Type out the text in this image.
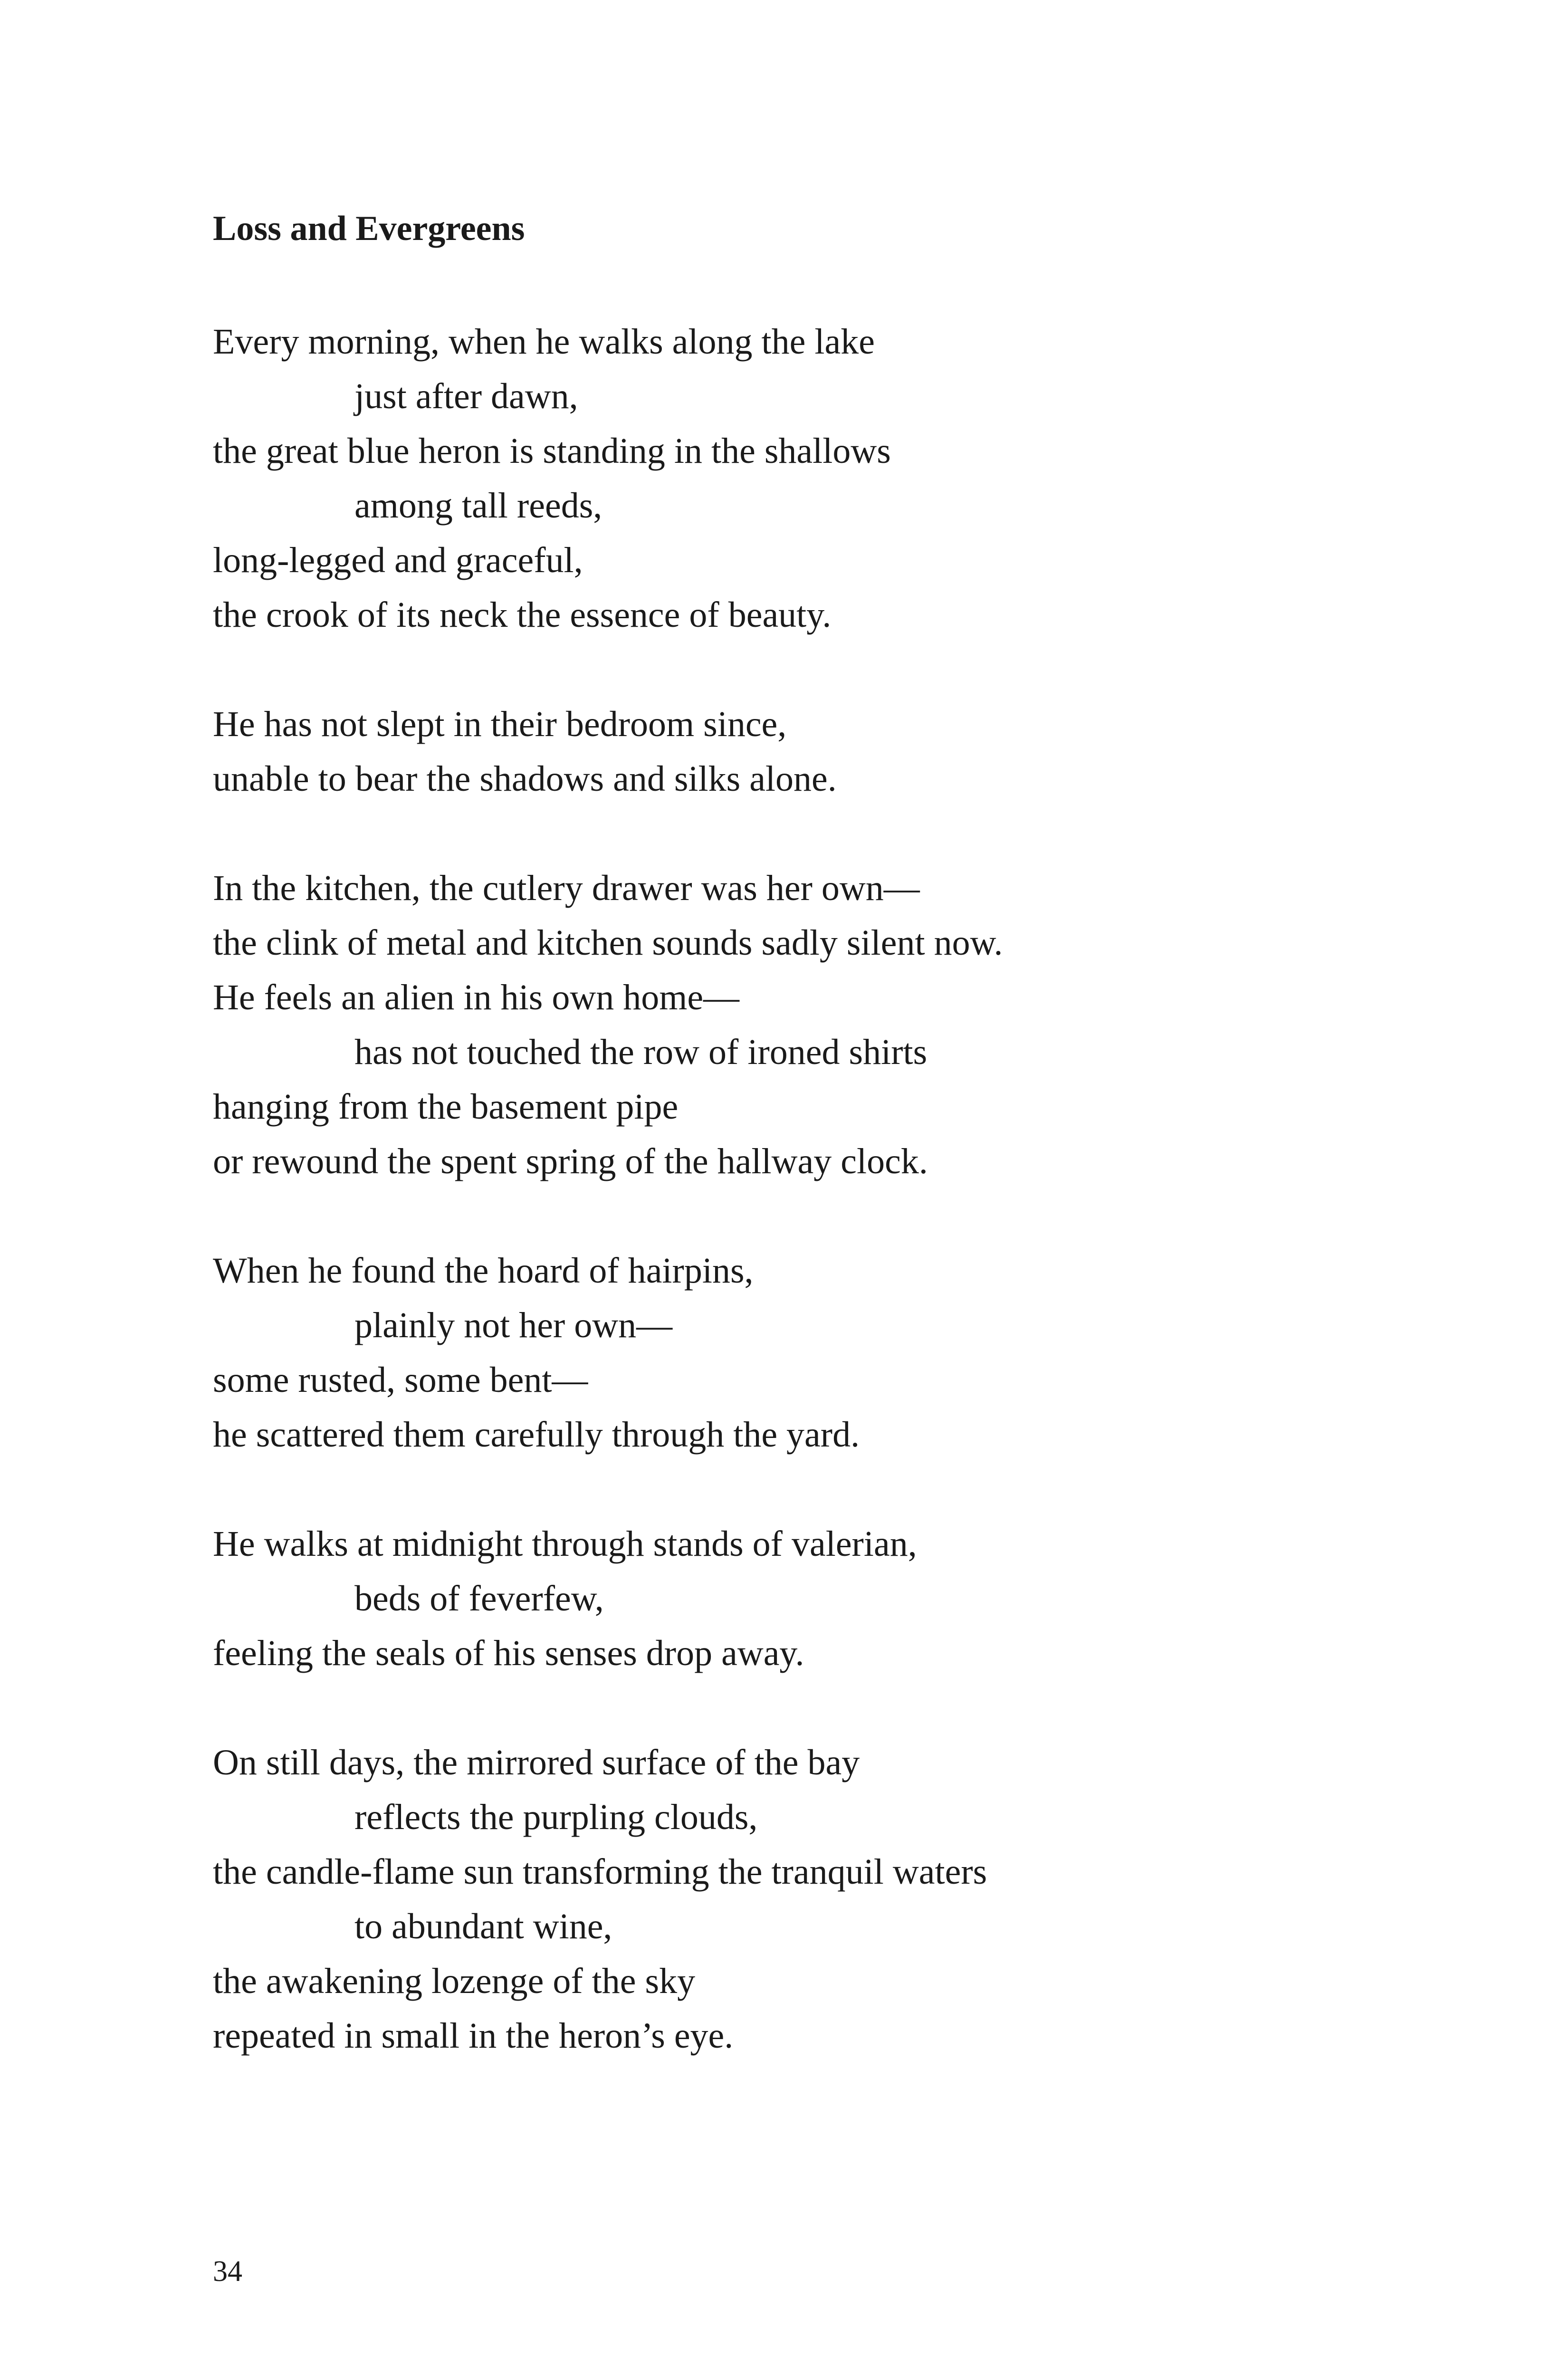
Loss and Evergreens

Every morning, when he walks along the lake
just after dawn,
the great blue heron is standing in the shallows
among tall reeds,
long-legged and graceful,
the crook of its neck the essence of beauty.

He has not slept in their bedroom since,
unable to bear the shadows and silks alone.

In the kitchen, the cutlery drawer was her own—
the clink of metal and kitchen sounds sadly silent now.
He feels an alien in his own home—
has not touched the row of ironed shirts
hanging from the basement pipe
or rewound the spent spring of the hallway clock.

When he found the hoard of hairpins,
plainly not her own—
some rusted, some bent—
he scattered them carefully through the yard.

He walks at midnight through stands of valerian,
beds of feverfew,
feeling the seals of his senses drop away.

On still days, the mirrored surface of the bay
reflects the purpling clouds,
the candle-flame sun transforming the tranquil waters
to abundant wine,
the awakening lozenge of the sky
repeated in small in the heron’s eye.

34
